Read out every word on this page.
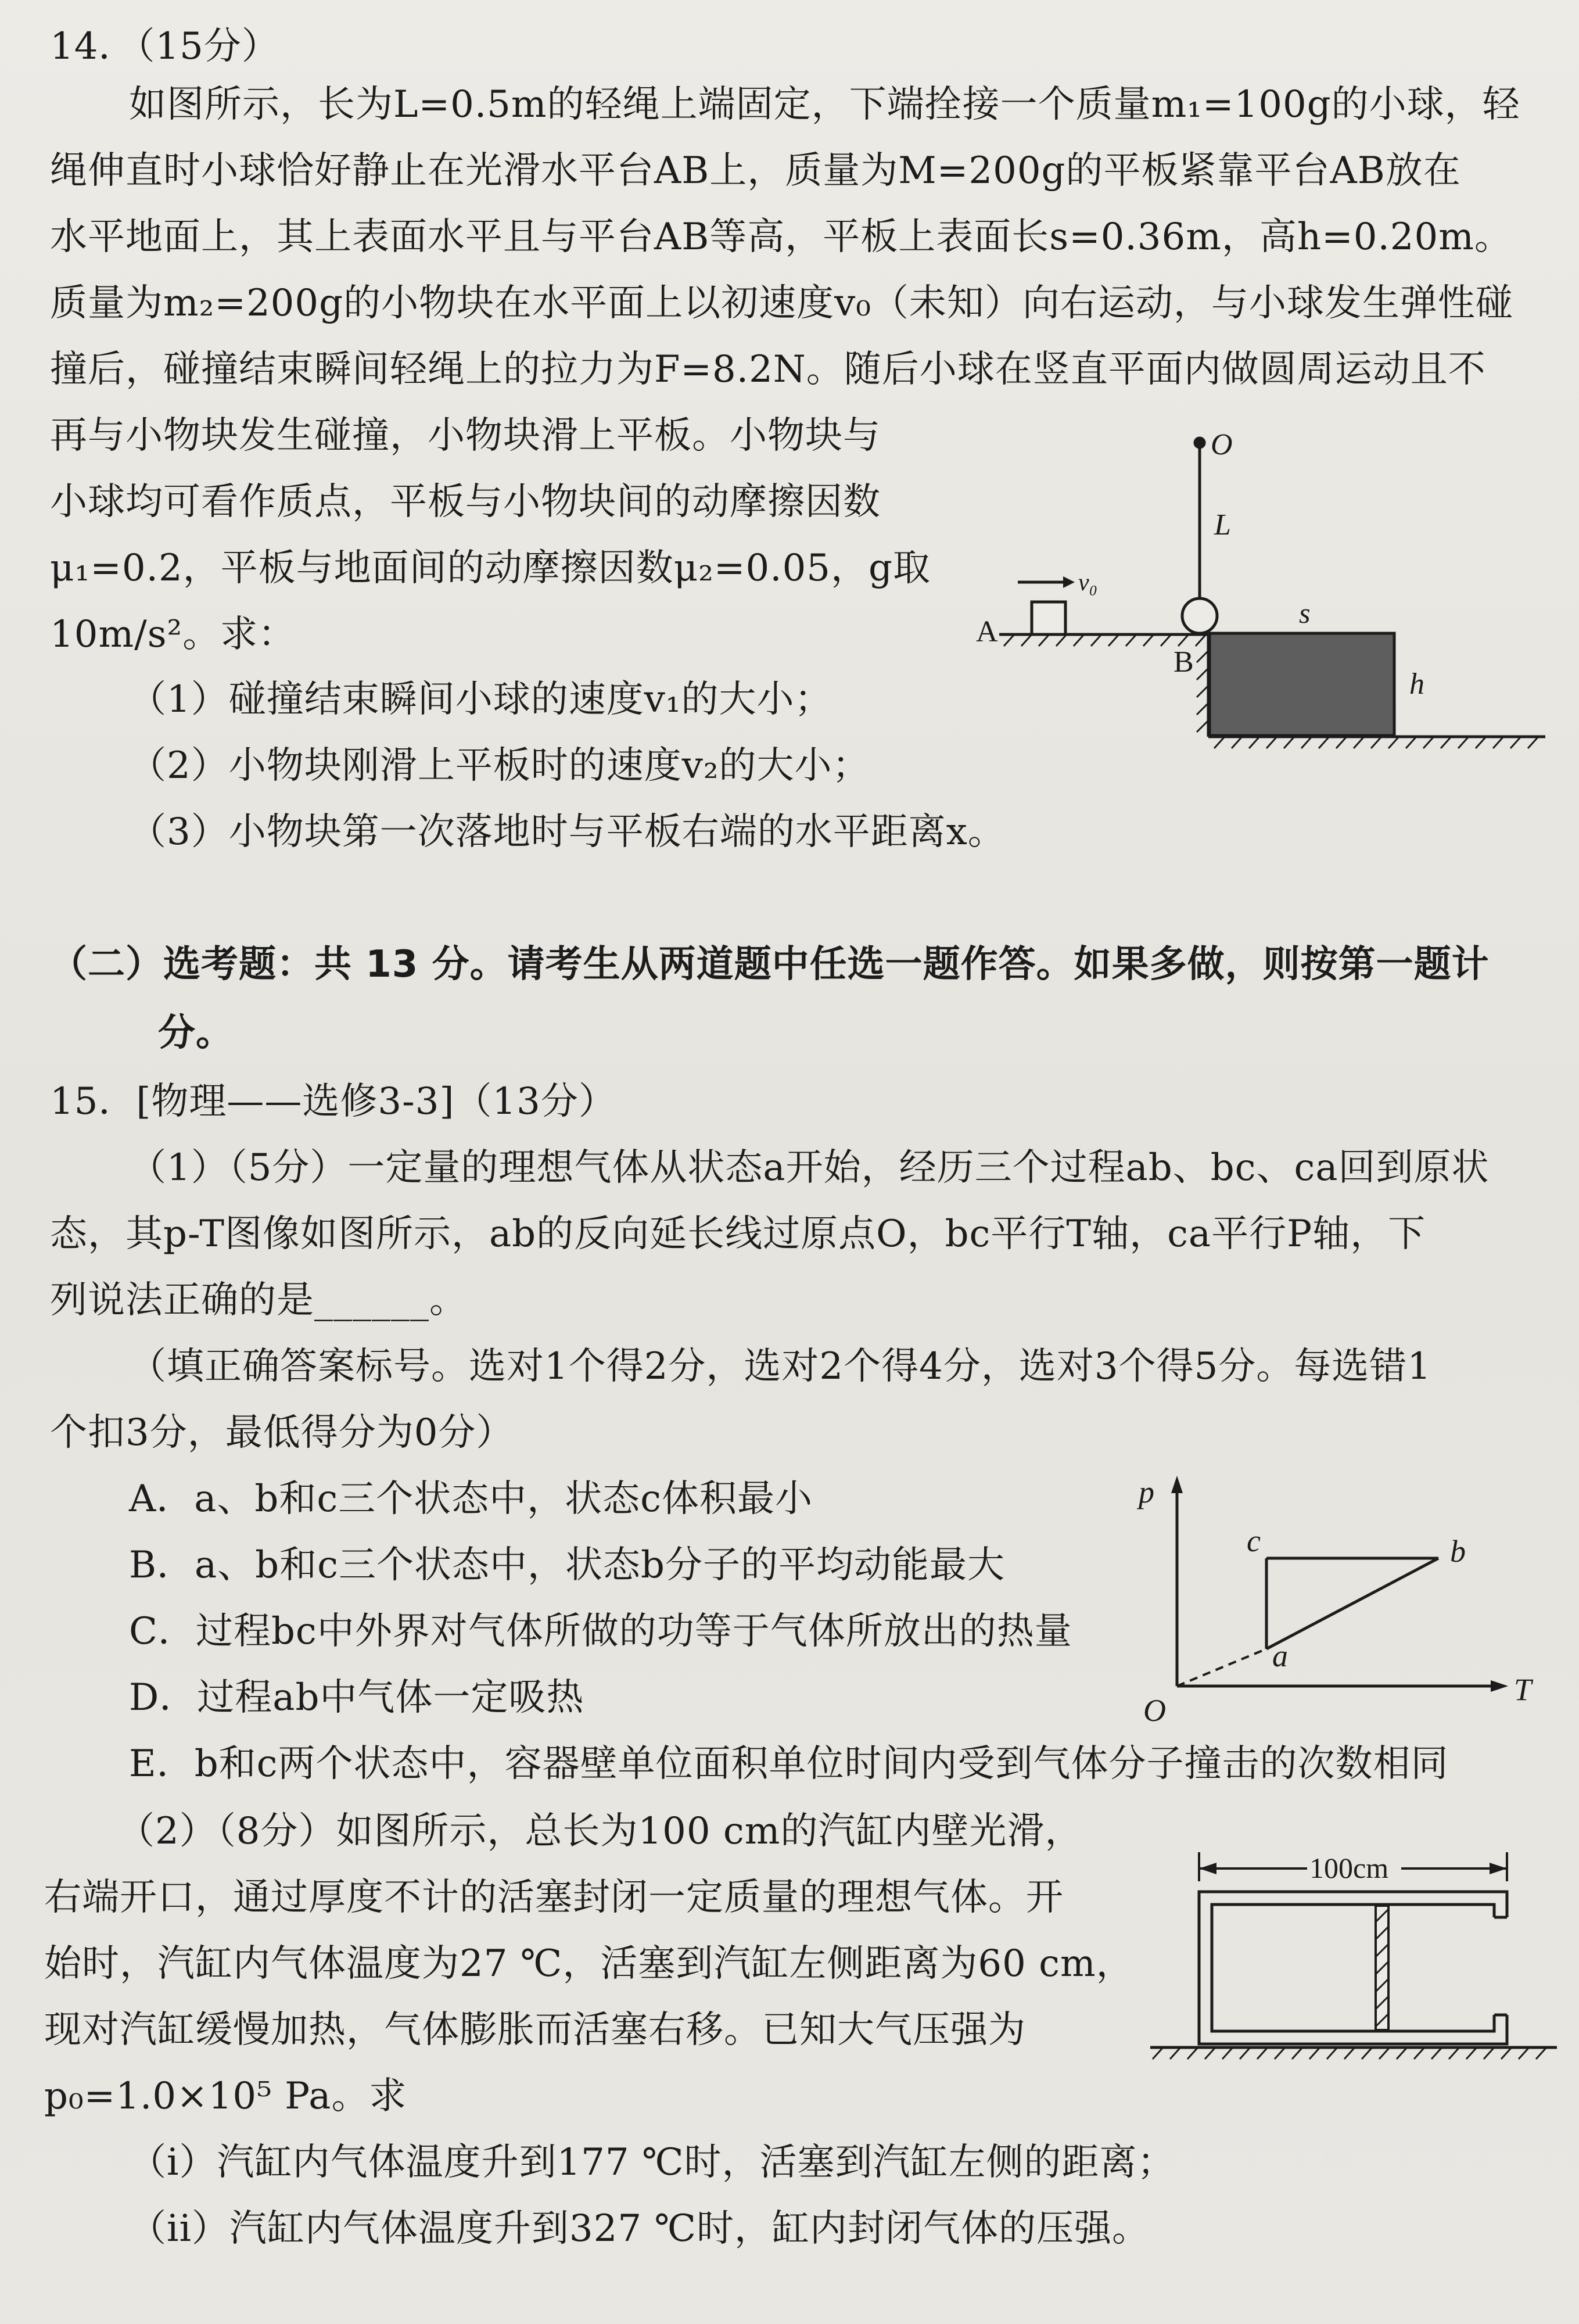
14．（15分）
如图所示，长为L=0.5m的轻绳上端固定，下端拴接一个质量m₁=100g的小球，轻
绳伸直时小球恰好静止在光滑水平台AB上，质量为M=200g的平板紧靠平台AB放在
水平地面上，其上表面水平且与平台AB等高，平板上表面长s=0.36m，高h=0.20m。
质量为m₂=200g的小物块在水平面上以初速度v₀（未知）向右运动，与小球发生弹性碰
撞后，碰撞结束瞬间轻绳上的拉力为F=8.2N。随后小球在竖直平面内做圆周运动且不
再与小物块发生碰撞，小物块滑上平板。小物块与
小球均可看作质点，平板与小物块间的动摩擦因数
μ₁=0.2，平板与地面间的动摩擦因数μ₂=0.05，g取
10m/s²。求：
（1）碰撞结束瞬间小球的速度v₁的大小；
（2）小物块刚滑上平板时的速度v₂的大小；
（3）小物块第一次落地时与平板右端的水平距离x。
O
L
v₀
A
B
s
h
（二）选考题：共 13 分。请考生从两道题中任选一题作答。如果多做，则按第一题计
分。
15．[物理——选修3-3]（13分）
（1）（5分）一定量的理想气体从状态a开始，经历三个过程ab、bc、ca回到原状
态，其p-T图像如图所示，ab的反向延长线过原点O，bc平行T轴，ca平行P轴，下
列说法正确的是______。
（填正确答案标号。选对1个得2分，选对2个得4分，选对3个得5分。每选错1
个扣3分，最低得分为0分）
A．a、b和c三个状态中，状态c体积最小
B．a、b和c三个状态中，状态b分子的平均动能最大
C．过程bc中外界对气体所做的功等于气体所放出的热量
D．过程ab中气体一定吸热
E．b和c两个状态中，容器壁单位面积单位时间内受到气体分子撞击的次数相同
p
T
O
a
b
c
（2）（8分）如图所示，总长为100 cm的汽缸内壁光滑，
右端开口，通过厚度不计的活塞封闭一定质量的理想气体。开
始时，汽缸内气体温度为27 ℃，活塞到汽缸左侧距离为60 cm，
现对汽缸缓慢加热，气体膨胀而活塞右移。已知大气压强为
p₀=1.0×10⁵ Pa。求
（i）汽缸内气体温度升到177 ℃时，活塞到汽缸左侧的距离；
（ii）汽缸内气体温度升到327 ℃时，缸内封闭气体的压强。
100cm
